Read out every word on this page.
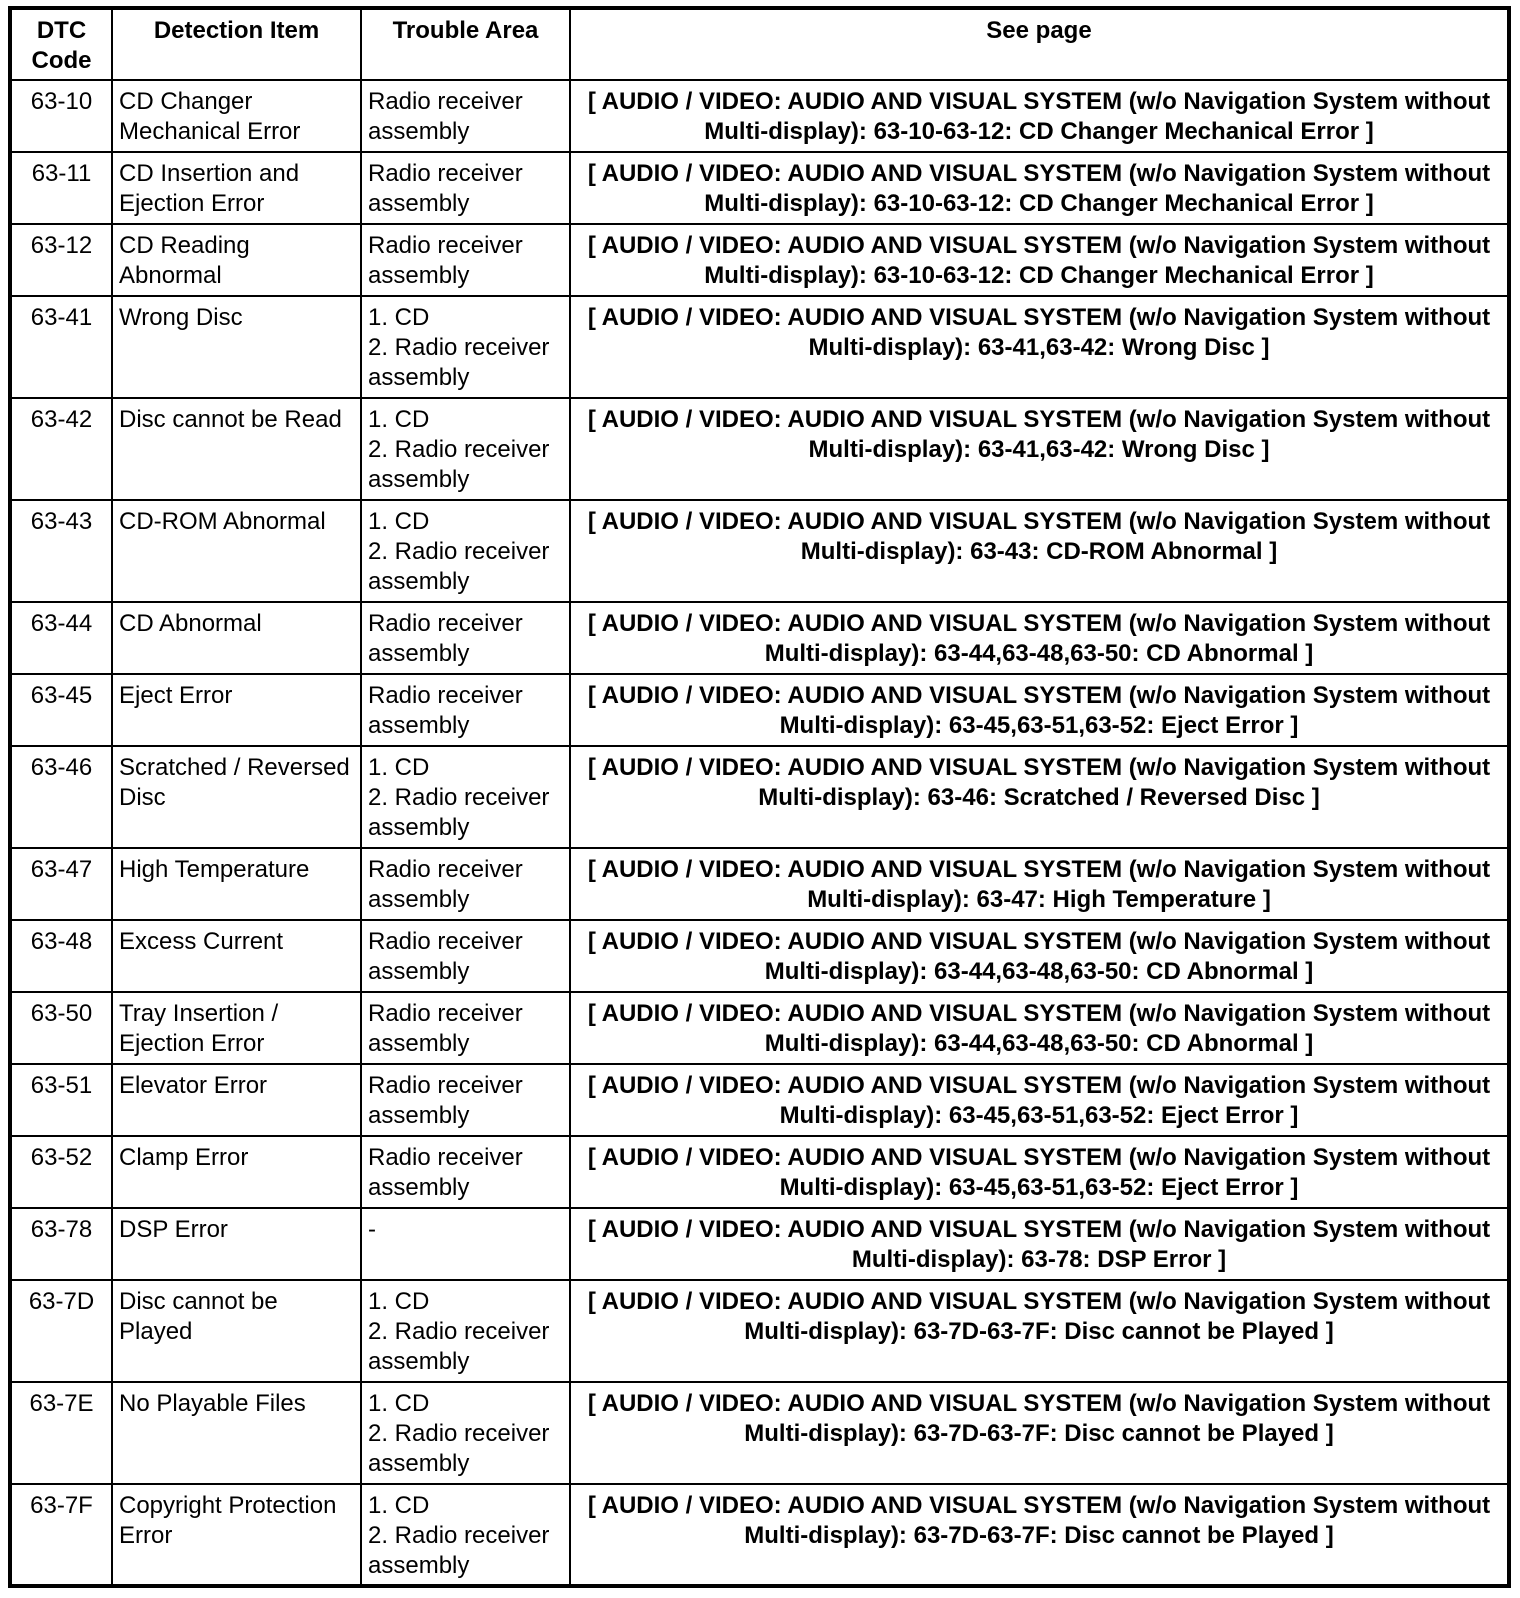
DTC
Code	Detection Item	Trouble Area	See page
63-10	CD Changer Mechanical Error	Radio receiver assembly	[ AUDIO / VIDEO: AUDIO AND VISUAL SYSTEM (w/o Navigation System without Multi-display): 63-10-63-12: CD Changer Mechanical Error ]
63-11	CD Insertion and Ejection Error	Radio receiver assembly	[ AUDIO / VIDEO: AUDIO AND VISUAL SYSTEM (w/o Navigation System without Multi-display): 63-10-63-12: CD Changer Mechanical Error ]
63-12	CD Reading Abnormal	Radio receiver assembly	[ AUDIO / VIDEO: AUDIO AND VISUAL SYSTEM (w/o Navigation System without Multi-display): 63-10-63-12: CD Changer Mechanical Error ]
63-41	Wrong Disc	1. CD
2. Radio receiver assembly	[ AUDIO / VIDEO: AUDIO AND VISUAL SYSTEM (w/o Navigation System without Multi-display): 63-41,63-42: Wrong Disc ]
63-42	Disc cannot be Read	1. CD
2. Radio receiver assembly	[ AUDIO / VIDEO: AUDIO AND VISUAL SYSTEM (w/o Navigation System without Multi-display): 63-41,63-42: Wrong Disc ]
63-43	CD-ROM Abnormal	1. CD
2. Radio receiver assembly	[ AUDIO / VIDEO: AUDIO AND VISUAL SYSTEM (w/o Navigation System without Multi-display): 63-43: CD-ROM Abnormal ]
63-44	CD Abnormal	Radio receiver assembly	[ AUDIO / VIDEO: AUDIO AND VISUAL SYSTEM (w/o Navigation System without Multi-display): 63-44,63-48,63-50: CD Abnormal ]
63-45	Eject Error	Radio receiver assembly	[ AUDIO / VIDEO: AUDIO AND VISUAL SYSTEM (w/o Navigation System without Multi-display): 63-45,63-51,63-52: Eject Error ]
63-46	Scratched / Reversed Disc	1. CD
2. Radio receiver assembly	[ AUDIO / VIDEO: AUDIO AND VISUAL SYSTEM (w/o Navigation System without Multi-display): 63-46: Scratched / Reversed Disc ]
63-47	High Temperature	Radio receiver assembly	[ AUDIO / VIDEO: AUDIO AND VISUAL SYSTEM (w/o Navigation System without Multi-display): 63-47: High Temperature ]
63-48	Excess Current	Radio receiver assembly	[ AUDIO / VIDEO: AUDIO AND VISUAL SYSTEM (w/o Navigation System without Multi-display): 63-44,63-48,63-50: CD Abnormal ]
63-50	Tray Insertion / Ejection Error	Radio receiver assembly	[ AUDIO / VIDEO: AUDIO AND VISUAL SYSTEM (w/o Navigation System without Multi-display): 63-44,63-48,63-50: CD Abnormal ]
63-51	Elevator Error	Radio receiver assembly	[ AUDIO / VIDEO: AUDIO AND VISUAL SYSTEM (w/o Navigation System without Multi-display): 63-45,63-51,63-52: Eject Error ]
63-52	Clamp Error	Radio receiver assembly	[ AUDIO / VIDEO: AUDIO AND VISUAL SYSTEM (w/o Navigation System without Multi-display): 63-45,63-51,63-52: Eject Error ]
63-78	DSP Error	-	[ AUDIO / VIDEO: AUDIO AND VISUAL SYSTEM (w/o Navigation System without Multi-display): 63-78: DSP Error ]
63-7D	Disc cannot be Played	1. CD
2. Radio receiver assembly	[ AUDIO / VIDEO: AUDIO AND VISUAL SYSTEM (w/o Navigation System without Multi-display): 63-7D-63-7F: Disc cannot be Played ]
63-7E	No Playable Files	1. CD
2. Radio receiver assembly	[ AUDIO / VIDEO: AUDIO AND VISUAL SYSTEM (w/o Navigation System without Multi-display): 63-7D-63-7F: Disc cannot be Played ]
63-7F	Copyright Protection Error	1. CD
2. Radio receiver assembly	[ AUDIO / VIDEO: AUDIO AND VISUAL SYSTEM (w/o Navigation System without Multi-display): 63-7D-63-7F: Disc cannot be Played ]
